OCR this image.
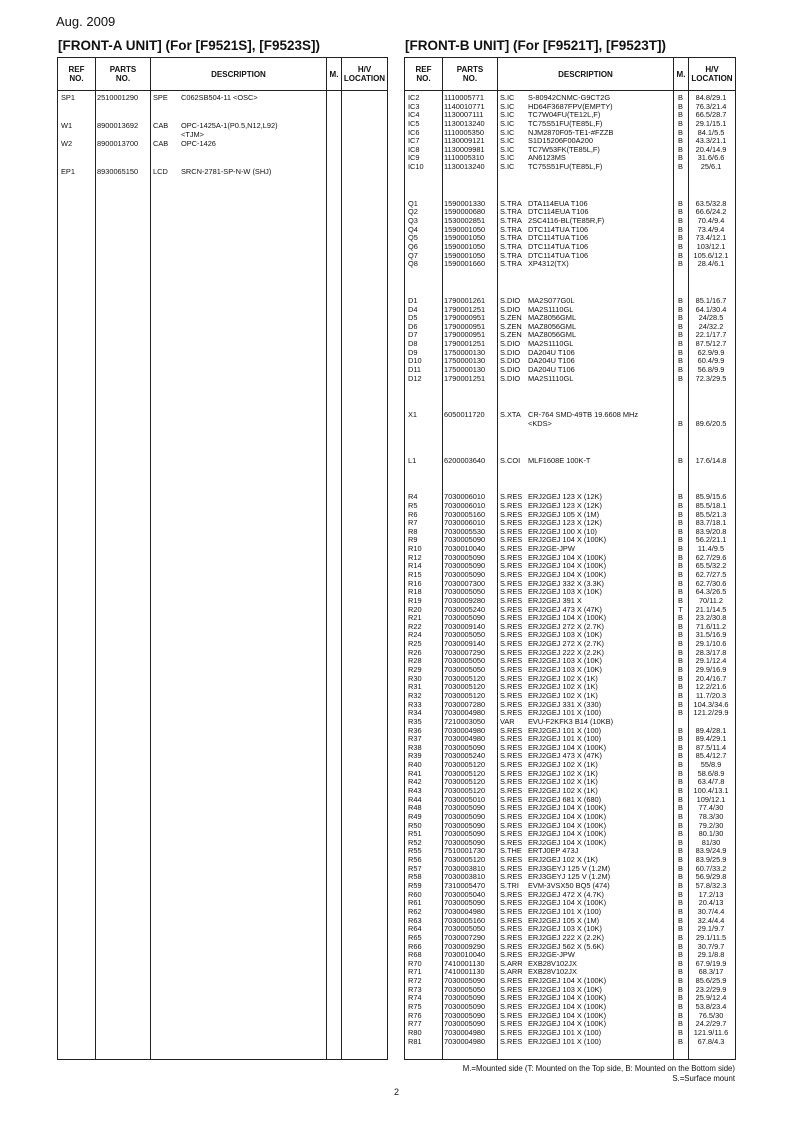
Aug. 2009
[FRONT-A UNIT] (For [F9521S], [F9523S])
REF
NO.
PARTS
NO.	DESCRIPTION	M.	H/V
LOCATION
SP1	2510001290	SPE C062SB504-11 <OSC>
W1	8900013692	CAB OPC-1425A-1(P0.5,N12,L92)
<TJM>
W2	8900013700	CAB OPC-1426
EP1	8930065150	LCD SRCN-2781-SP-N-W (SHJ)
[FRONT-B UNIT] (For [F9521T], [F9523T])
REF
NO.
PARTS
NO.	DESCRIPTION	M.	H/V
LOCATION
IC2	1110005771	S.IC S-80942CNMC-G9CT2G	B	84.8/29.1
IC3	1140010771	S.IC HD64F3687FPV(EMPTY)	B	76.3/21.4
IC4	1130007111	S.IC TC7W04FU(TE12L,F)	B	66.5/28.7
IC5	1130013240	S.IC TC75S51FU(TE85L,F)	B	29.1/15.1
IC6	1110005350	S.IC NJM2870F05-TE1-#FZZB	B	84.1/5.5
IC7	1130009121	S.IC S1D15206F00A200	B	43.3/21.1
IC8	1130009981	S.IC TC7W53FK(TE85L,F)	B	20.4/14.9
IC9	1110005310	S.IC AN6123MS	B	31.6/6.6
IC10	1130013240	S.IC TC75S51FU(TE85L,F)	B	25/6.1
Q1	1590001330	S.TRA DTA114EUA T106	B	63.5/32.8
Q2	1590000680	S.TRA DTC114EUA T106	B	66.6/24.2
Q3	1530002851	S.TRA 2SC4116-BL(TE85R,F)	B	70.4/9.4
Q4	1590001050	S.TRA DTC114TUA T106	B	73.4/9.4
Q5	1590001050	S.TRA DTC114TUA T106	B	73.4/12.1
Q6	1590001050	S.TRA DTC114TUA T106	B	103/12.1
Q7	1590001050	S.TRA DTC114TUA T106	B	105.6/12.1
Q8	1590001660	S.TRA XP4312(TX)	B	28.4/6.1
D1	1790001261	S.DIO MA2S077G0L	B	85.1/16.7
D4	1790001251	S.DIO MA2S1110GL	B	64.1/30.4
D5	1790000951	S.ZEN MAZ8056GML	B	24/28.5
D6	1790000951	S.ZEN MAZ8056GML	B	24/32.2
D7	1790000951	S.ZEN MAZ8056GML	B	22.1/17.7
D8	1790001251	S.DIO MA2S1110GL	B	87.5/12.7
D9	1750000130	S.DIO DA204U T106	B	62.9/9.9
D10	1750000130	S.DIO DA204U T106	B	60.4/9.9
D11	1750000130	S.DIO DA204U T106	B	56.8/9.9
D12	1790001251	S.DIO MA2S1110GL	B	72.3/29.5
X1	6050011720	S.XTA CR-764 SMD-49TB 19.6608 MHz
<KDS>	B	89.6/20.5
L1	6200003640	S.COI MLF1608E 100K-T	B	17.6/14.8
R4	7030006010	S.RES ERJ2GEJ 123 X (12K)	B	85.9/15.6
R5	7030006010	S.RES ERJ2GEJ 123 X (12K)	B	85.5/18.1
R6	7030005160	S.RES ERJ2GEJ 105 X (1M)	B	85.5/21.3
R7	7030006010	S.RES ERJ2GEJ 123 X (12K)	B	83.7/18.1
R8	7030005530	S.RES ERJ2GEJ 100 X (10)	B	83.9/20.8
R9	7030005090	S.RES ERJ2GEJ 104 X (100K)	B	56.2/21.1
R10	7030010040	S.RES ERJ2GE-JPW	B	11.4/9.5
R12	7030005090	S.RES ERJ2GEJ 104 X (100K)	B	62.7/29.6
R14	7030005090	S.RES ERJ2GEJ 104 X (100K)	B	65.5/32.2
R15	7030005090	S.RES ERJ2GEJ 104 X (100K)	B	62.7/27.5
R16	7030007300	S.RES ERJ2GEJ 332 X (3.3K)	B	62.7/30.6
R18	7030005050	S.RES ERJ2GEJ 103 X (10K)	B	64.3/26.5
R19	7030009280	S.RES ERJ2GEJ 391 X	B	70/11.2
R20	7030005240	S.RES ERJ2GEJ 473 X (47K)	T	21.1/14.5
R21	7030005090	S.RES ERJ2GEJ 104 X (100K)	B	23.2/30.8
R22	7030009140	S.RES ERJ2GEJ 272 X (2.7K)	B	71.6/11.2
R24	7030005050	S.RES ERJ2GEJ 103 X (10K)	B	31.5/16.9
R25	7030009140	S.RES ERJ2GEJ 272 X (2.7K)	B	29.1/10.6
R26	7030007290	S.RES ERJ2GEJ 222 X (2.2K)	B	28.3/17.8
R28	7030005050	S.RES ERJ2GEJ 103 X (10K)	B	29.1/12.4
R29	7030005050	S.RES ERJ2GEJ 103 X (10K)	B	29.9/16.9
R30	7030005120	S.RES ERJ2GEJ 102 X (1K)	B	20.4/16.7
R31	7030005120	S.RES ERJ2GEJ 102 X (1K)	B	12.2/21.6
R32	7030005120	S.RES ERJ2GEJ 102 X (1K)	B	11.7/20.3
R33	7030007280	S.RES ERJ2GEJ 331 X (330)	B	104.3/34.6
R34	7030004980	S.RES ERJ2GEJ 101 X (100)	B	121.2/29.9
R35	7210003050	VAR EVU-F2KFK3 B14 (10KB)
R36	7030004980	S.RES ERJ2GEJ 101 X (100)	B	89.4/28.1
R37	7030004980	S.RES ERJ2GEJ 101 X (100)	B	89.4/29.1
R38	7030005090	S.RES ERJ2GEJ 104 X (100K)	B	87.5/11.4
R39	7030005240	S.RES ERJ2GEJ 473 X (47K)	B	85.4/12.7
R40	7030005120	S.RES ERJ2GEJ 102 X (1K)	B	55/8.9
R41	7030005120	S.RES ERJ2GEJ 102 X (1K)	B	58.6/8.9
R42	7030005120	S.RES ERJ2GEJ 102 X (1K)	B	63.4/7.8
R43	7030005120	S.RES ERJ2GEJ 102 X (1K)	B	100.4/13.1
R44	7030005010	S.RES ERJ2GEJ 681 X (680)	B	109/12.1
R48	7030005090	S.RES ERJ2GEJ 104 X (100K)	B	77.4/30
R49	7030005090	S.RES ERJ2GEJ 104 X (100K)	B	78.3/30
R50	7030005090	S.RES ERJ2GEJ 104 X (100K)	B	79.2/30
R51	7030005090	S.RES ERJ2GEJ 104 X (100K)	B	80.1/30
R52	7030005090	S.RES ERJ2GEJ 104 X (100K)	B	81/30
R55	7510001730	S.THE ERTJ0EP 473J	B	83.9/24.9
R56	7030005120	S.RES ERJ2GEJ 102 X (1K)	B	83.9/25.9
R57	7030003810	S.RES ERJ3GEYJ 125 V (1.2M)	B	60.7/33.2
R58	7030003810	S.RES ERJ3GEYJ 125 V (1.2M)	B	56.9/29.8
R59	7310005470	S.TRI EVM-3VSX50 BQ5 (474)	B	57.8/32.3
R60	7030005040	S.RES ERJ2GEJ 472 X (4.7K)	B	17.2/13
R61	7030005090	S.RES ERJ2GEJ 104 X (100K)	B	20.4/13
R62	7030004980	S.RES ERJ2GEJ 101 X (100)	B	30.7/4.4
R63	7030005160	S.RES ERJ2GEJ 105 X (1M)	B	32.4/4.4
R64	7030005050	S.RES ERJ2GEJ 103 X (10K)	B	29.1/9.7
R65	7030007290	S.RES ERJ2GEJ 222 X (2.2K)	B	29.1/11.5
R66	7030009290	S.RES ERJ2GEJ 562 X (5.6K)	B	30.7/9.7
R68	7030010040	S.RES ERJ2GE-JPW	B	29.1/8.8
R70	7410001130	S.ARR EXB28V102JX	B	67.9/19.9
R71	7410001130	S.ARR EXB28V102JX	B	68.3/17
R72	7030005090	S.RES ERJ2GEJ 104 X (100K)	B	85.6/25.9
R73	7030005050	S.RES ERJ2GEJ 103 X (10K)	B	23.2/29.9
R74	7030005090	S.RES ERJ2GEJ 104 X (100K)	B	25.9/12.4
R75	7030005090	S.RES ERJ2GEJ 104 X (100K)	B	53.8/23.4
R76	7030005090	S.RES ERJ2GEJ 104 X (100K)	B	76.5/30
R77	7030005090	S.RES ERJ2GEJ 104 X (100K)	B	24.2/29.7
R80	7030004980	S.RES ERJ2GEJ 101 X (100)	B	121.9/11.6
R81	7030004980	S.RES ERJ2GEJ 101 X (100)	B	67.8/4.3
M.=Mounted side (T: Mounted on the Top side, B: Mounted on the Bottom side)
S.=Surface mount
2
